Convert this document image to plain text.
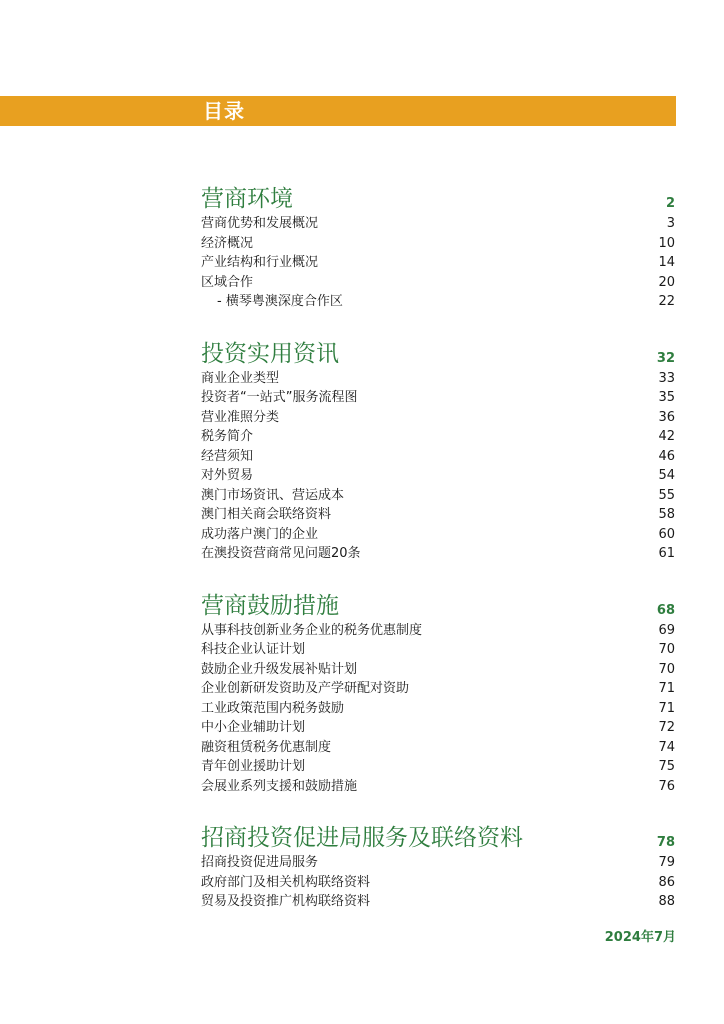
目录
营商环境	2
营商优势和发展概况	3
经济概况	10
产业结构和行业概况	14
区域合作	20
- 横琴粤澳深度合作区	22
投资实用资讯	32
商业企业类型	33
投资者“一站式”服务流程图	35
营业准照分类	36
税务简介	42
经营须知	46
对外贸易	54
澳门市场资讯、营运成本	55
澳门相关商会联络资料	58
成功落户澳门的企业	60
在澳投资营商常见问题20条	61
营商鼓励措施	68
从事科技创新业务企业的税务优惠制度	69
科技企业认证计划	70
鼓励企业升级发展补贴计划	70
企业创新研发资助及产学研配对资助	71
工业政策范围内税务鼓励	71
中小企业辅助计划	72
融资租赁税务优惠制度	74
青年创业援助计划	75
会展业系列支援和鼓励措施	76
招商投资促进局服务及联络资料	78
招商投资促进局服务	79
政府部门及相关机构联络资料	86
贸易及投资推广机构联络资料	88
2024年7月
